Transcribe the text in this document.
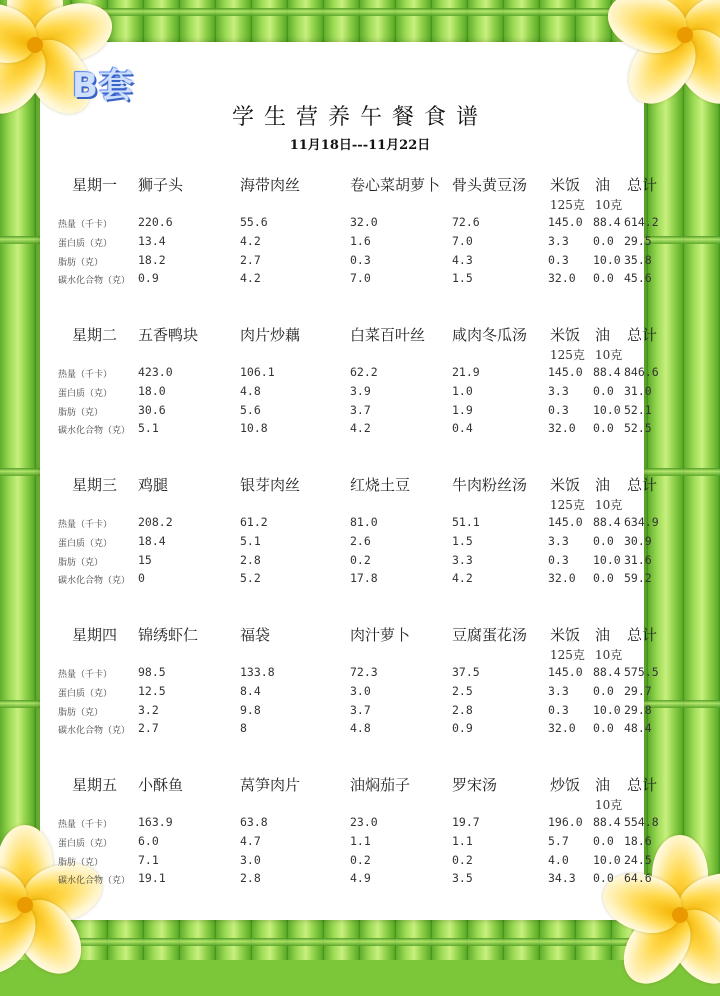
B套
学生营养午餐食谱
11月18日---11月22日
星期一 狮子头	海带肉丝	卷心菜胡萝卜 骨头黄豆汤 米饭 油 总计
125克 10克
热量（千卡） 220.6	55.6	32.0	72.6	145.0 88.4 614.2
蛋白质（克） 13.4	4.2	1.6	7.0	3.3 0.0 29.5
脂肪（克）	18.2	2.7	0.3	4.3	0.3 10.0 35.8
碳水化合物（克） 0.9	4.2	7.0	1.5	32.0 0.0 45.6
星期二 五香鸭块	肉片炒藕	白菜百叶丝 咸肉冬瓜汤 米饭 油 总计
125克 10克
热量（千卡） 423.0	106.1	62.2	21.9	145.0 88.4 846.6
蛋白质（克） 18.0	4.8	3.9	1.0	3.3 0.0 31.0
脂肪（克）	30.6	5.6	3.7	1.9	0.3 10.0 52.1
碳水化合物（克） 5.1	10.8	4.2	0.4	32.0 0.0 52.5
星期三 鸡腿	银芽肉丝	红烧土豆	牛肉粉丝汤 米饭 油 总计
125克 10克
热量（千卡） 208.2	61.2	81.0	51.1	145.0 88.4 634.9
蛋白质（克） 18.4	5.1	2.6	1.5	3.3 0.0 30.9
脂肪（克）	15	2.8	0.2	3.3	0.3 10.0 31.6
碳水化合物（克） 0	5.2	17.8	4.2	32.0 0.0 59.2
星期四 锦绣虾仁	福袋	肉汁萝卜	豆腐蛋花汤 米饭 油 总计
125克 10克
热量（千卡） 98.5	133.8	72.3	37.5	145.0 88.4 575.5
蛋白质（克） 12.5	8.4	3.0	2.5	3.3 0.0 29.7
脂肪（克）	3.2	9.8	3.7	2.8	0.3 10.0 29.8
碳水化合物（克） 2.7	8	4.8	0.9	32.0 0.0 48.4
星期五 小酥鱼	莴笋肉片	油焖茄子	罗宋汤	炒饭 油 总计
10克
热量（千卡） 163.9	63.8	23.0	19.7	196.0 88.4 554.8
蛋白质（克） 6.0	4.7	1.1	1.1	5.7 0.0 18.6
脂肪（克）	7.1	3.0	0.2	0.2	4.0 10.0 24.5
碳水化合物（克） 19.1	2.8	4.9	3.5	34.3 0.0 64.6
